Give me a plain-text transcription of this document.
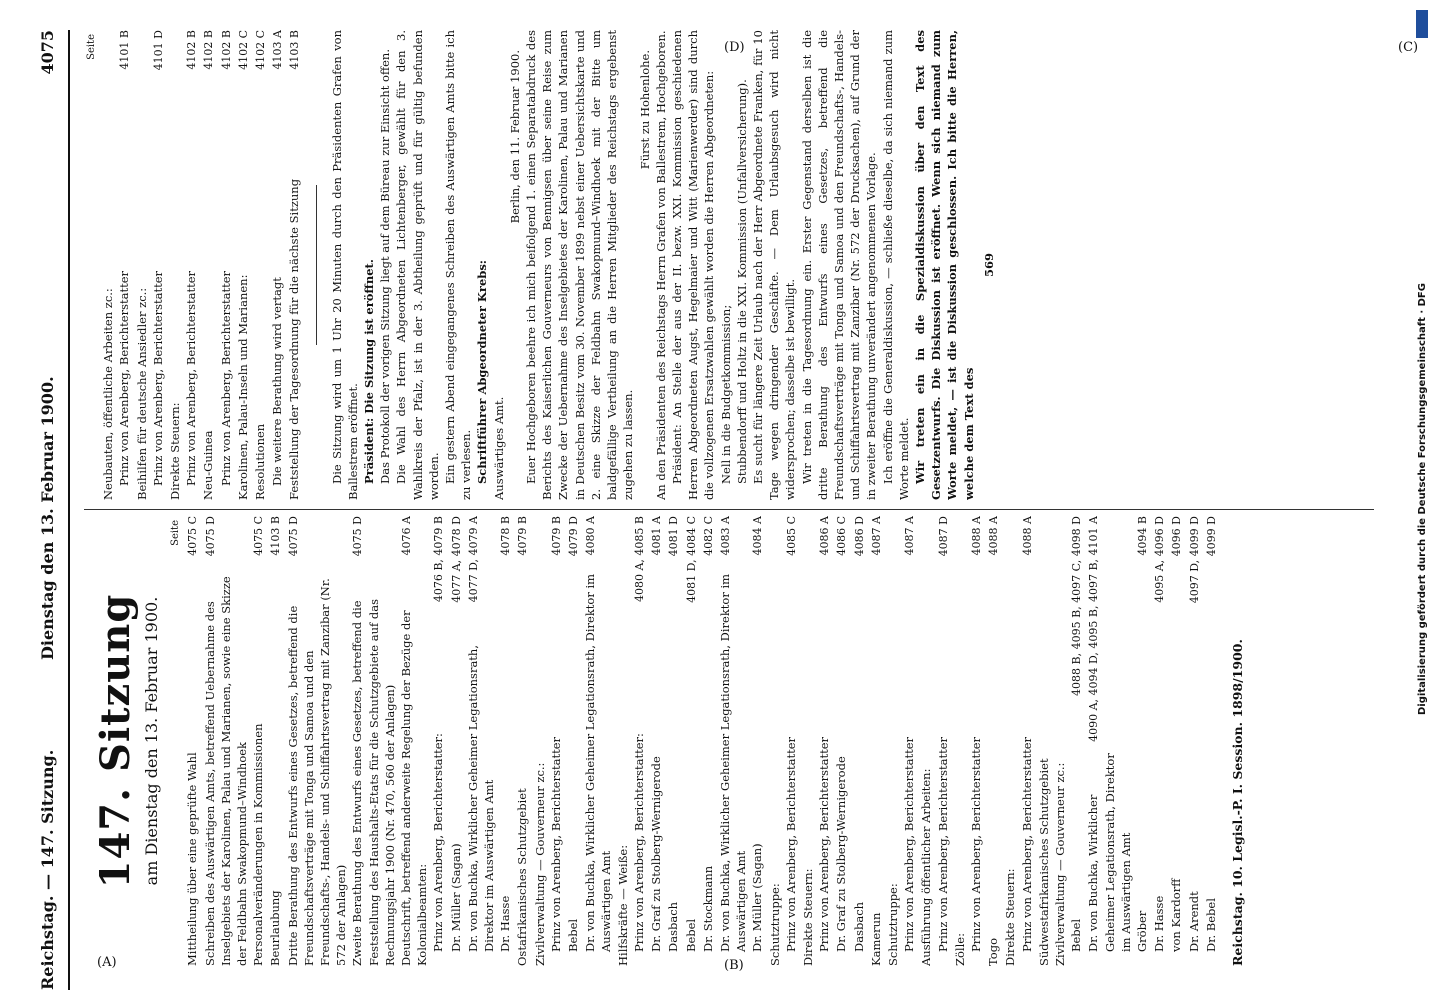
(A)	(B)
(C)
(D)
Reichstag. — 147. Sitzung.
Dienstag den 13. Februar 1900.
4075
147. Sitzung am Dienstag den 13. Februar 1900.
Seite
Mittheilung über eine geprüfte Wahl
4075 C
Schreiben des Auswärtigen Amts, betreffend Uebernahme des Inselgebiets der Karolinen, Palau und Marianen, sowie eine Skizze der Feldbahn Swakopmund–Windhoek
4075 D
Personalveränderungen in Kommissionen
4075 C
Beurlaubung
4103 B
Dritte Berathung des Entwurfs eines Gesetzes, betreffend die Freundschaftsverträge mit Tonga und Samoa und den Freundschafts-, Handels- und Schiffahrtsvertrag mit Zanzibar (Nr. 572 der Anlagen)
4075 D
Zweite Berathung des Entwurfs eines Gesetzes, betreffend die Feststellung des Haushalts-Etats für die Schutzgebiete auf das Rechnungsjahr 1900 (Nr. 470, 560 der Anlagen)
4075 D
Deutschrift, betreffend anderweite Regelung der Bezüge der Kolonialbeamten:
4076 A
Prinz von Arenberg, Berichterstatter:
4076 B, 4079 B
Dr. Müller (Sagan)
4077 A, 4078 D
Dr. von Buchka, Wirklicher Geheimer Legationsrath, Direktor im Auswärtigen Amt
4077 D, 4079 A
Dr. Hasse
4078 B
Ostafrikanisches Schutzgebiet
4079 B
Zivilverwaltung — Gouverneur zc.: Prinz von Arenberg, Berichterstatter
4079 B
Bebel
4079 D
Dr. von Buchka, Wirklicher Geheimer Legationsrath, Direktor im Auswärtigen Amt
4080 A
Hilfskräfte — Weiße: Prinz von Arenberg, Berichterstatter:
4080 A, 4085 B
Dr. Graf zu Stolberg-Wernigerode
4081 A
Dasbach
4081 D
Bebel
4081 D, 4084 C
Dr. Stockmann
4082 C
Dr. von Buchka, Wirklicher Geheimer Legationsrath, Direktor im Auswärtigen Amt
4083 A
Dr. Müller (Sagan)
4084 A
Schutztruppe: Prinz von Arenberg, Berichterstatter
4085 C
Direkte Steuern: Prinz von Arenberg, Berichterstatter
4086 A
Dr. Graf zu Stolberg-Wernigerode
4086 C
Dasbach
4086 D
Kamerun
4087 A
Schutztruppe: Prinz von Arenberg, Berichterstatter
4087 A
Ausführung öffentlicher Arbeiten: Prinz von Arenberg, Berichterstatter
4087 D
Zölle: Prinz von Arenberg, Berichterstatter
4088 A
Togo
4088 A
Direkte Steuern: Prinz von Arenberg, Berichterstatter
4088 A
Südwestafrikanisches Schutzgebiet Zivilverwaltung — Gouverneur zc.: Bebel
4088 B, 4095 B, 4097 C, 4098 D
Dr. von Buchka, Wirklicher Geheimer Legationsrath, Direktor im Auswärtigen Amt
4090 A, 4094 D, 4095 B, 4097 B, 4101 A
Gröber
4094 B
Dr. Hasse
4095 A, 4096 D
von Kardorff
4096 D
Dr. Arendt
4097 D, 4099 D
Dr. Bebel
4099 D
Reichstag. 10. Legisl.-P. I. Session. 1898/1900.
Seite
Neubauten, öffentliche Arbeiten zc.: Prinz von Arenberg, Berichterstatter
4101 B
Beihilfen für deutsche Ansiedler zc.: Prinz von Arenberg, Berichterstatter
4101 D
Direkte Steuern: Prinz von Arenberg, Berichterstatter
4102 B
Neu-Guinea
4102 B
Prinz von Arenberg, Berichterstatter
4102 B
Karolinen, Palau-Inseln und Marianen:
4102 C
Resolutionen
4102 C
Die weitere Berathung wird vertagt
4103 A
Feststellung der Tagesordnung für die nächste Sitzung
4103 B Die Sitzung wird um 1 Uhr 20 Minuten durch den Präsidenten Grafen von Ballestrem eröffnet. Präsident: Die Sitzung ist eröffnet. Das Protokoll der vorigen Sitzung liegt auf dem Büreau zur Einsicht offen. Die Wahl des Herrn Abgeordneten Lichtenberger, gewählt für den 3. Wahlkreis der Pfalz, ist in der 3. Abtheilung geprüft und für gültig befunden worden. Ein gestern Abend eingegangenes Schreiben des Auswärtigen Amts bitte ich zu verlesen. Schriftführer Abgeordneter Krebs: Auswärtiges Amt.

Berlin, den 11. Februar 1900. Euer Hochgeboren beehre ich mich beifolgend 1. einen Separatabdruck des Berichts des Kaiserlichen Gouverneurs von Bennigsen über seine Reise zum Zwecke der Uebernahme des Inselgebietes der Karolinen, Palau und Marianen in Deutschen Besitz vom 30. November 1899 nebst einer Uebersichtskarte und 2. eine Skizze der Feldbahn Swakopmund–Windhoek mit der Bitte um baldgefällige Vertheilung an die Herren Mitglieder des Reichstags ergebenst zugehen zu lassen.

Fürst zu Hohenlohe. An den Präsidenten des Reichstags Herrn Grafen von Ballestrem, Hochgeboren. Präsident: An Stelle der aus der II. bezw. XXI. Kommission geschiedenen Herren Abgeordneten Augst, Hegelmaier und Witt (Marienwerder) sind durch die vollzogenen Ersatzwahlen gewählt worden die Herren Abgeordneten: Nell in die Budgetkommission; Stubbendorff und Holtz in die XXI. Kommission (Unfallversicherung). Es sucht für längere Zeit Urlaub nach der Herr Abgeordnete Franken, für 10 Tage wegen dringender Geschäfte. — Dem Urlaubsgesuch wird nicht widersprochen; dasselbe ist bewilligt. Wir treten in die Tagesordnung ein. Erster Gegenstand derselben ist die dritte Berathung des Entwurfs eines Gesetzes, betreffend die Freundschaftsverträge mit Tonga und Samoa und den Freundschafts-, Handels- und Schiffahrtsvertrag mit Zanzibar (Nr. 572 der Drucksachen), auf Grund der in zweiter Berathung unverändert angenommenen Vorlage. Ich eröffne die Generaldiskussion, — schließe dieselbe, da sich niemand zum Worte meldet. Wir treten ein in die Spezialdiskussion über den Text des Gesetzentwurfs. Die Diskussion ist eröffnet. Wenn sich niemand zum Worte meldet, — ist die Diskussion geschlossen. Ich bitte die Herren, welche dem Text des

569
Digitalisierung gefördert durch die Deutsche Forschungsgemeinschaft · DFG
